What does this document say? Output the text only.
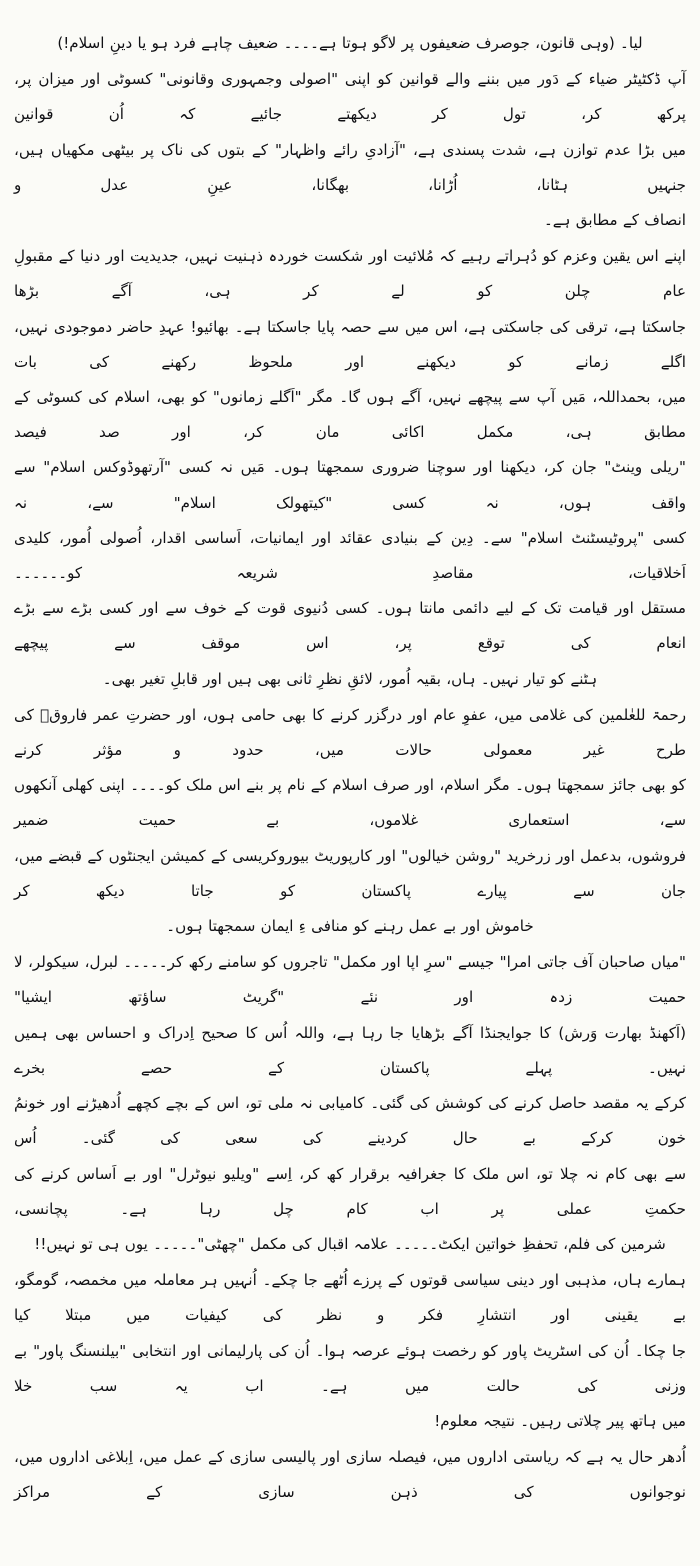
لیا۔ (وہی قانون، جوصرف ضعیفوں پر لاگو ہوتا ہے۔۔۔۔ ضعیف چاہے فرد ہو یا دینِ اسلام!)

آپ ڈکٹیٹر ضیاء کے دَور میں بننے والے قوانین کو اپنی "اصولی وجمہوری وقانونی" کسوٹی اور میزان پر، پرکھ کر، تول کر دیکھتے جائیے کہ اُن قوانین
میں بڑا عدم توازن ہے، شدت پسندی ہے، "آزادیِ رائے واظہار" کے بتوں کی ناک پر بیٹھی مکھیاں ہیں، جنہیں ہٹانا، اُڑانا، بھگانا، عینِ عدل و
انصاف کے مطابق ہے۔

اپنے اس یقین وعزم کو دُہراتے رہیے کہ مُلائیت اور شکست خوردہ ذہنیت نہیں، جدیدیت اور دنیا کے مقبولِ عام چلن کو لے کر ہی، آگے بڑھا
جاسکتا ہے، ترقی کی جاسکتی ہے، اس میں سے حصہ پایا جاسکتا ہے۔ بھائیو! عہدِ حاضر دموجودی نہیں، اگلے زمانے کو دیکھنے اور ملحوظ رکھنے کی بات
میں، بحمداللہ، مَیں آپ سے پیچھے نہیں، آگے ہوں گا۔ مگر "اَگلے زمانوں" کو بھی، اسلام کی کسوٹی کے مطابق ہی، مکمل اکائی مان کر، اور صد فیصد
"ریلی وینٹ" جان کر، دیکھنا اور سوچنا ضروری سمجھتا ہوں۔ مَیں نہ کسی "آرتھوڈوکس اسلام" سے واقف ہوں، نہ کسی "کیتھولک اسلام" سے، نہ
کسی "پروٹیسٹنٹ اسلام" سے۔ دِین کے بنیادی عقائد اور ایمانیات، اَساسی اقدار، اُصولی اُمور، کلیدی اَخلاقیات، مقاصدِ شریعہ کو۔۔۔۔۔۔
مستقل اور قیامت تک کے لیے دائمی مانتا ہوں۔ کسی دُنیوی قوت کے خوف سے اور کسی بڑے سے بڑے انعام کی توقع پر، اس موقف سے پیچھے
ہٹنے کو تیار نہیں۔ ہاں، بقیہ اُمور، لائقِ نظرِ ثانی بھی ہیں اور قابلِ تغیر بھی۔

رحمۃ للعٰلمین کی غلامی میں، عفوِ عام اور درگزر کرنے کا بھی حامی ہوں، اور حضرتِ عمر فاروقؓ کی طرح غیر معمولی حالات میں، حدود و مؤثر کرنے
کو بھی جائز سمجھتا ہوں۔ مگر اسلام، اور صرف اسلام کے نام پر بنے اس ملک کو۔۔۔۔ اپنی کھلی آنکھوں سے، استعماری غلاموں، بے حمیت ضمیر
فروشوں، بدعمل اور زرخرید "روشن خیالوں" اور کارپوریٹ بیوروکریسی کے کمیشن ایجنٹوں کے قبضے میں، جان سے پیارے پاکستان کو جاتا دیکھ کر
خاموش اور بے عمل رہنے کو منافی ءِ ایمان سمجھتا ہوں۔

"میاں صاحبان آف جاتی امرا" جیسے "سرِ اپا اور مکمل" تاجروں کو سامنے رکھ کر۔۔۔۔۔ لبرل، سیکولر، لا حمیت زدہ اور نئے "گریٹ ساؤتھ ایشیا"
(اَکھنڈ بھارت وَرش) کا جوایجنڈا آگے بڑھایا جا رہا ہے، واللہ اُس کا صحیح اِدراک و احساس بھی ہمیں نہیں۔ پہلے پاکستان کے حصے بخرے
کرکے یہ مقصد حاصل کرنے کی کوشش کی گئی۔ کامیابی نہ ملی تو، اس کے بچے کچھے اُدھیڑنے اور خونمُ خون کرکے بے حال کردینے کی سعی کی گئی۔ اُس
سے بھی کام نہ چلا تو، اس ملک کا جغرافیہ برقرار کھ کر، اِسے "ویلیو نیوٹرل" اور بے اَساس کرنے کی حکمتِ عملی پر اب کام چل رہا ہے۔ پچانسی،
شرمین کی فلم، تحفظِ خواتین ایکٹ۔۔۔۔۔ علامہ اقبال کی مکمل "چھٹی"۔۔۔۔۔ یوں ہی تو نہیں!!

ہمارے ہاں، مذہبی اور دینی سیاسی قوتوں کے پرزے اُٹھے جا چکے۔ اُنہیں ہر معاملہ میں مخمصہ، گومگو، بے یقینی اور انتشارِ فکر و نظر کی کیفیات میں مبتلا کیا
جا چکا۔ اُن کی اسٹریٹ پاور کو رخصت ہوئے عرصہ ہوا۔ اُن کی پارلیمانی اور انتخابی "بیلنسنگ پاور" بے وزنی کی حالت میں ہے۔ اب یہ سب خلا
میں ہاتھ پیر چلاتی رہیں۔ نتیجہ معلوم!

اُدھر حال یہ ہے کہ ریاستی اداروں میں، فیصلہ سازی اور پالیسی سازی کے عمل میں، اِبلاغی اداروں میں، نوجوانوں کی ذہن سازی کے مراکز
